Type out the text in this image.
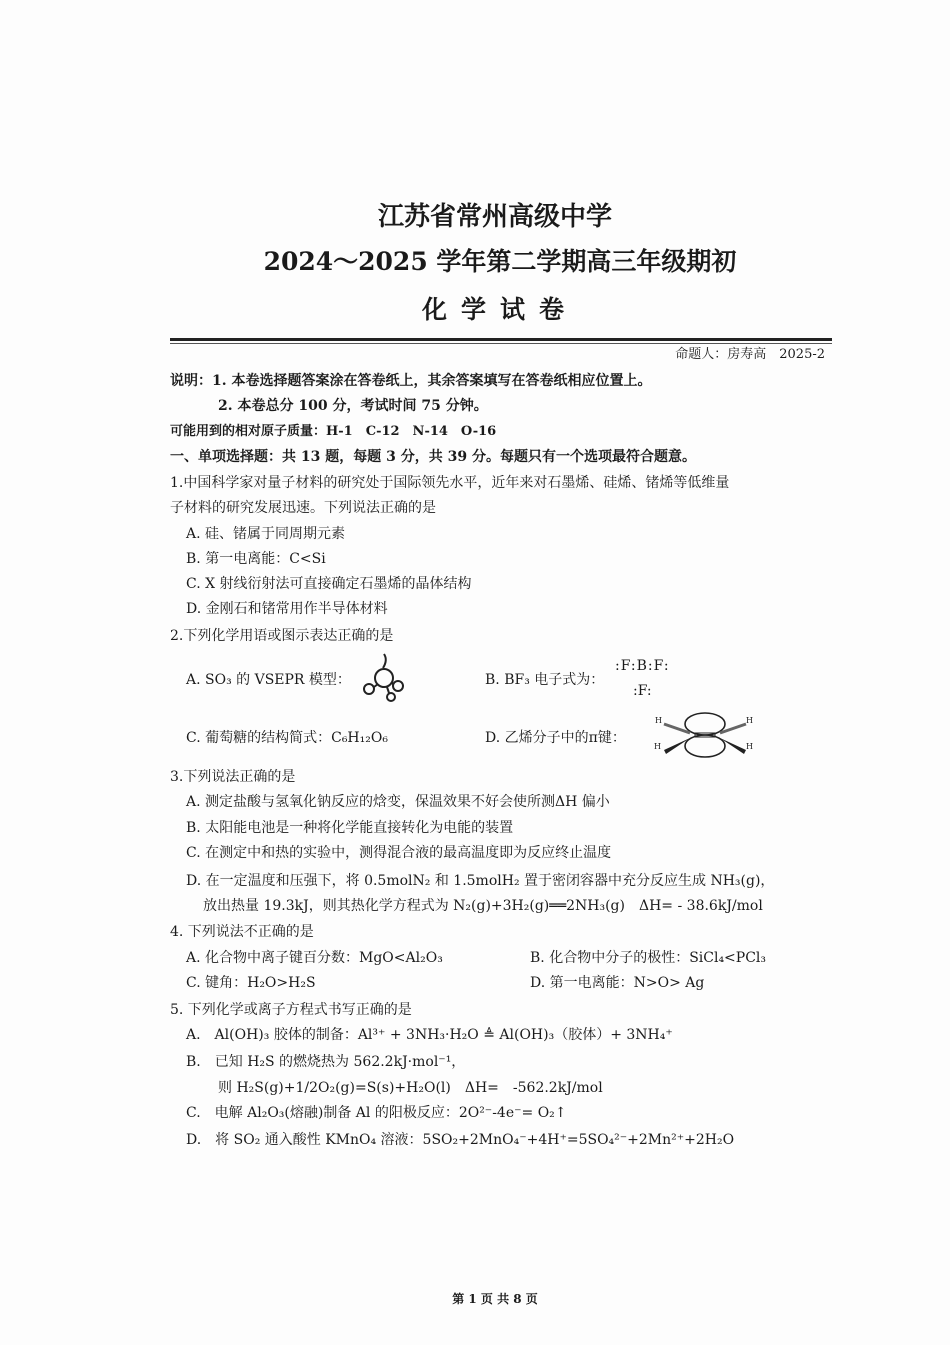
江苏省常州高级中学
2024～2025 学年第二学期高三年级期初
化学试卷
命题人：房寿高　2025-2
说明：1. 本卷选择题答案涂在答卷纸上，其余答案填写在答卷纸相应位置上。
2. 本卷总分 100 分，考试时间 75 分钟。
可能用到的相对原子质量：H-1　C-12　N-14　O-16
一、单项选择题：共 13 题，每题 3 分，共 39 分。每题只有一个选项最符合题意。
1.中国科学家对量子材料的研究处于国际领先水平，近年来对石墨烯、硅烯、锗烯等低维量
子材料的研究发展迅速。下列说法正确的是
A. 硅、锗属于同周期元素
B. 第一电离能：C<Si
C. X 射线衍射法可直接确定石墨烯的晶体结构
D. 金刚石和锗常用作半导体材料
2.下列化学用语或图示表达正确的是
A. SO₃ 的 VSEPR 模型：	B. BF₃ 电子式为：
:F:B:F:
:F:
C. 葡萄糖的结构简式：C₆H₁₂O₆	D. 乙烯分子中的π键：
H	H
H	H
3.下列说法正确的是
A. 测定盐酸与氢氧化钠反应的焓变，保温效果不好会使所测ΔH 偏小
B. 太阳能电池是一种将化学能直接转化为电能的装置
C. 在测定中和热的实验中，测得混合液的最高温度即为反应终止温度
D. 在一定温度和压强下，将 0.5molN₂ 和 1.5molH₂ 置于密闭容器中充分反应生成 NH₃(g)，
放出热量 19.3kJ，则其热化学方程式为 N₂(g)+3H₂(g)══2NH₃(g)　ΔH= - 38.6kJ/mol
4. 下列说法不正确的是
A. 化合物中离子键百分数：MgO<Al₂O₃	B. 化合物中分子的极性：SiCl₄<PCl₃
C. 键角：H₂O>H₂S	D. 第一电离能：N>O> Ag
5. 下列化学或离子方程式书写正确的是
A.　Al(OH)₃ 胶体的制备：Al³⁺ + 3NH₃·H₂O ≜ Al(OH)₃（胶体）+ 3NH₄⁺
B.　已知 H₂S 的燃烧热为 562.2kJ·mol⁻¹，
则 H₂S(g)+1/2O₂(g)=S(s)+H₂O(l)　ΔH=　-562.2kJ/mol
C.　电解 Al₂O₃(熔融)制备 Al 的阳极反应：2O²⁻-4e⁻= O₂↑
D.　将 SO₂ 通入酸性 KMnO₄ 溶液：5SO₂+2MnO₄⁻+4H⁺=5SO₄²⁻+2Mn²⁺+2H₂O
第 1 页 共 8 页
